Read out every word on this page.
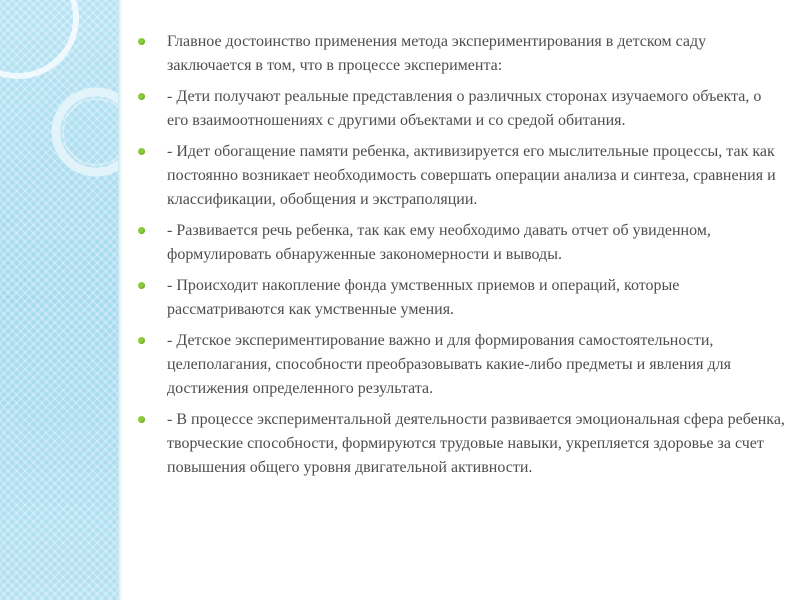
Главное достоинство применения метода экспериментирования в детском саду заключается в том, что в процессе эксперимента:
- Дети получают реальные представления о различных сторонах изучаемого объекта, о его взаимоотношениях с другими объектами и со средой обитания.
- Идет обогащение памяти ребенка, активизируется его мыслительные процессы, так как постоянно возникает необходимость совершать операции анализа и синтеза, сравнения и классификации, обобщения и экстраполяции.
- Развивается речь ребенка, так как ему необходимо давать отчет об увиденном, формулировать обнаруженные закономерности и выводы.
- Происходит накопление фонда умственных приемов и операций, которые рассматриваются как умственные умения.
- Детское экспериментирование важно и для формирования самостоятельности, целеполагания, способности преобразовывать какие-либо предметы и явления для достижения определенного результата.
- В процессе экспериментальной деятельности развивается эмоциональная сфера ребенка, творческие способности, формируются трудовые навыки, укрепляется здоровье за счет повышения общего уровня двигательной активности.
